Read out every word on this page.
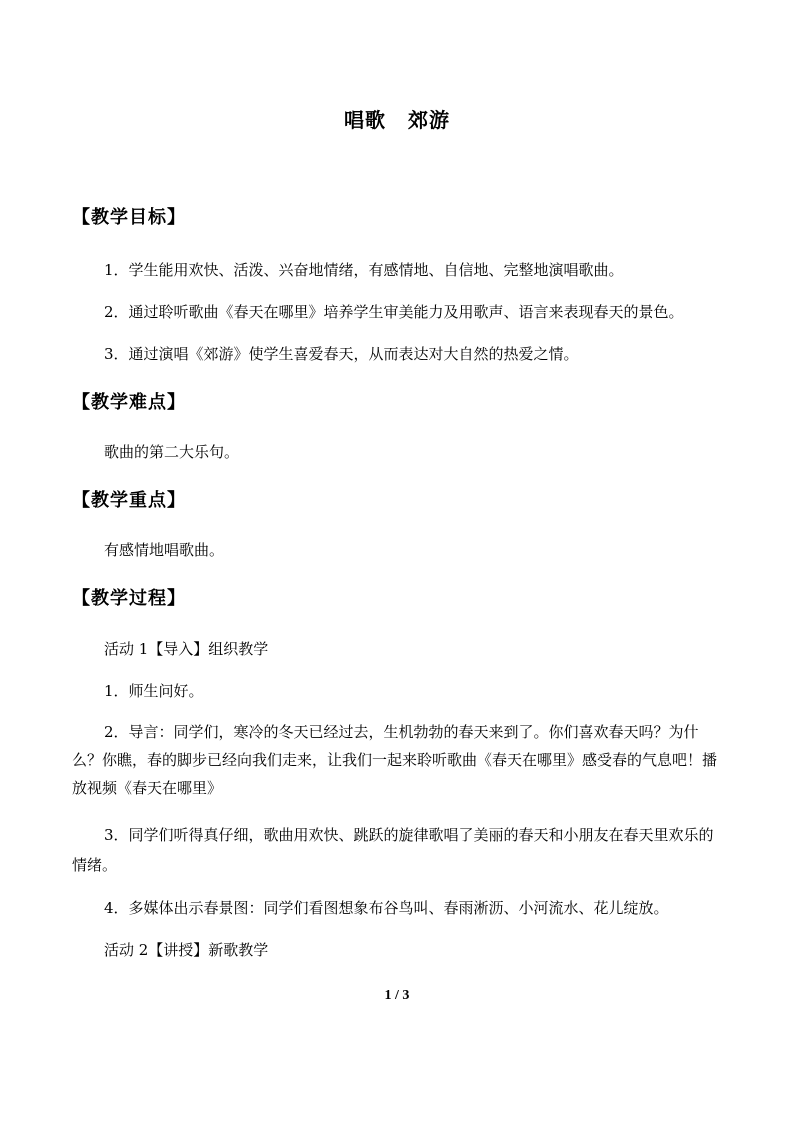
唱歌 郊游
【教学目标】
1．学生能用欢快、活泼、兴奋地情绪，有感情地、自信地、完整地演唱歌曲。
2．通过聆听歌曲《春天在哪里》培养学生审美能力及用歌声、语言来表现春天的景色。
3．通过演唱《郊游》使学生喜爱春天，从而表达对大自然的热爱之情。
【教学难点】
歌曲的第二大乐句。
【教学重点】
有感情地唱歌曲。
【教学过程】
活动 1【导入】组织教学
1．师生问好。
2．导言：同学们，寒冷的冬天已经过去，生机勃勃的春天来到了。你们喜欢春天吗？为什么？你瞧，春的脚步已经向我们走来，让我们一起来聆听歌曲《春天在哪里》感受春的气息吧！播放视频《春天在哪里》
3．同学们听得真仔细，歌曲用欢快、跳跃的旋律歌唱了美丽的春天和小朋友在春天里欢乐的情绪。
4．多媒体出示春景图：同学们看图想象布谷鸟叫、春雨淅沥、小河流水、花儿绽放。
活动 2【讲授】新歌教学
1 / 3
